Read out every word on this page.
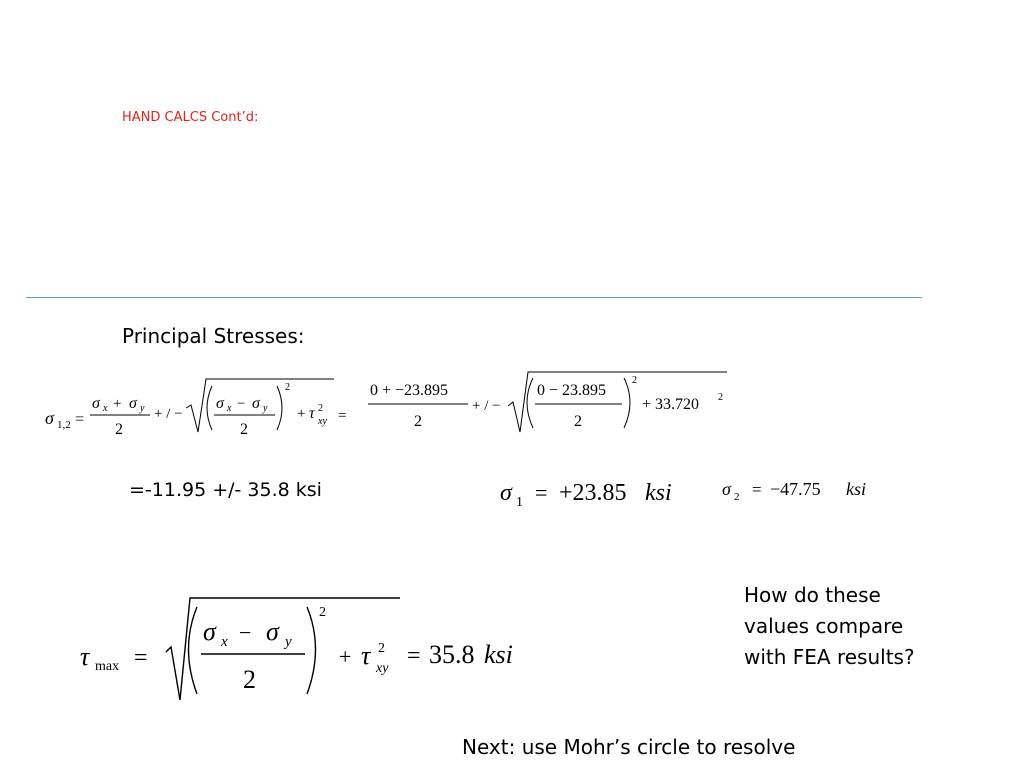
HAND CALCS Cont’d:
Principal Stresses:
=-11.95 +/- 35.8 ksi
How do these values compare with FEA results?
Next: use Mohr’s circle to resolve
σ 1,2 =
σ x + σ y
2
+ / −
σ x − σ y
2
2
+ τ 2
xy =
0 + −23.895
2
+ / −
0 − 23.895
2
2
+ 33.720 2
σ 1 = +23.85 ksi	σ 2 = −47.75 ksi
τ max =
σ x − σ y
2
2
+ τ 2
xy = 35.8 ksi
